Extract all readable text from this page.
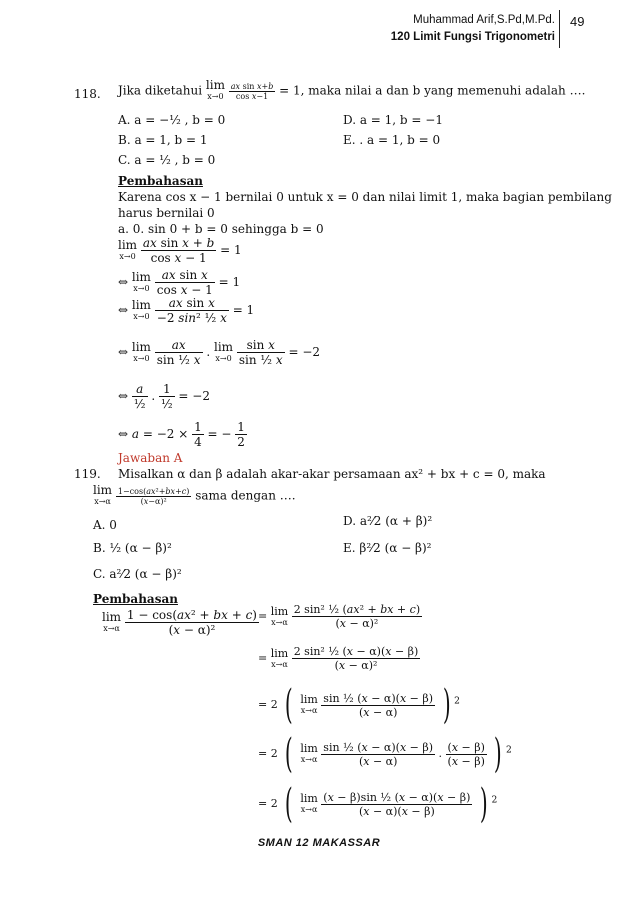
Muhammad Arif,S.Pd,M.Pd.
120 Limit Fungsi Trigonometri
49
118. Jika diketahui lim
x→0
$\frac{\text{ax sin x+b}}{\text{cos x−1}} = 1$, maka nilai a dan b yang memenuhi adalah ….
A. a = −½ , b = 0	D. a = 1, b = −1
B. a = 1, b = 1	E. . a = 1, b = 0
C. a = ½ , b = 0
Pembahasan
Karena cos x − 1 bernilai 0 untuk x = 0 dan nilai limit 1, maka bagian pembilang
harus bernilai 0
a. 0. sin 0 + b = 0 sehingga b = 0
lim
x→0
$\frac{\text{ax sin x + b}}{\text{cos x − 1}} = 1$
⇔ lim
x→0
$\frac{\text{ax sin x}}{\text{cos x − 1}} = 1$
⇔ lim
x→0
$\frac{\text{ax sin x}}{\text{−2 sin² ½ x}} = 1$
⇔ lim
x→0
$\frac{ax}{\text{sin ½ x}}$ . lim
x→0
$\frac{\text{sin x}}{\text{sin ½ x}} = -2$
⇔ $\frac{a}{\text{½}}$ . $\frac{1}{\text{½}} = -2$
⇔ $a = -2 \times \frac{1}{4}$ = − $\frac{1}{2}$
Jawaban A
119. Misalkan α dan β adalah akar-akar persamaan ax² + bx + c = 0, maka
lim
x→α
$\frac{\text{1−cos(ax²+bx+c)}}{\text{(x−α)²}}$ sama dengan ….
A. 0	D. a²⁄2 (α + β)²
B. ½ (α − β)²	E. β²⁄2 (α − β)²
C. a²⁄2 (α − β)²
Pembahasan
lim
x→α
$\frac{\text{1 − cos(ax² + bx + c)}}{\text{(x − α)²}} = \lim$
x→α
$\frac{\text{2 sin² ½ (ax² + bx + c)}}{\text{(x − α)²}}$
= lim
x→α
$\frac{\text{2 sin² ½ (x − α)(x − β)}}{\text{(x − α)²}}$
= 2 ( lim
x→α
$\frac{\text{sin ½ (x − α)(x − β)}}{(x - \alpha)}$ ) $^2$
= 2 ( lim
x→α
$\frac{\text{sin ½ (x − α)(x − β)}}{(x - \alpha)}$ . $\frac{(x - \beta)}{(x - \beta)}$ ) $^2$
= 2 ( lim
x→α
$\frac{\text{(x − β)sin ½ (x − α)(x − β)}}{(x - \alpha)(x - \beta)}$ ) $^2$
SMAN 12 MAKASSAR
